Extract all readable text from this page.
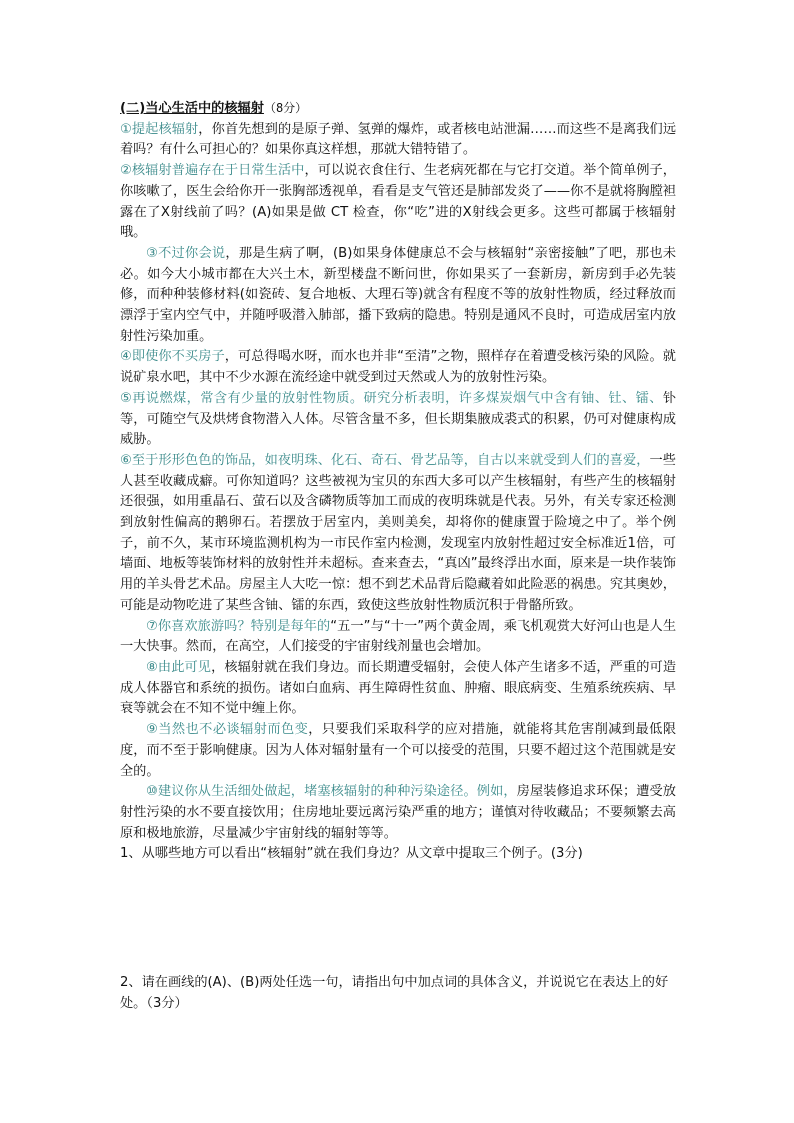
(二)当心生活中的核辐射（8分）

①提起核辐射，你首先想到的是原子弹、氢弹的爆炸，或者核电站泄漏……而这些不是离我们远着吗？有什么可担心的？如果你真这样想，那就大错特错了。

②核辐射普遍存在于日常生活中，可以说衣食住行、生老病死都在与它打交道。举个简单例子，你咳嗽了，医生会给你开一张胸部透视单，看看是支气管还是肺部发炎了——你不是就将胸膛袒露在了X射线前了吗？(A)如果是做 CT 检查，你“吃”进的X射线会更多。这些可都属于核辐射哦。

③不过你会说，那是生病了啊，(B)如果身体健康总不会与核辐射“亲密接触”了吧，那也未必。如今大小城市都在大兴土木，新型楼盘不断问世，你如果买了一套新房，新房到手必先装修，而种种装修材料(如瓷砖、复合地板、大理石等)就含有程度不等的放射性物质，经过释放而漂浮于室内空气中，并随呼吸潜入肺部，播下致病的隐患。特别是通风不良时，可造成居室内放射性污染加重。

④即使你不买房子，可总得喝水呀，而水也并非“至清”之物，照样存在着遭受核污染的风险。就说矿泉水吧，其中不少水源在流经途中就受到过天然或人为的放射性污染。

⑤再说燃煤，常含有少量的放射性物质。研究分析表明，许多煤炭烟气中含有铀、钍、镭、钋等，可随空气及烘烤食物潜入人体。尽管含量不多，但长期集腋成裘式的积累，仍可对健康构成威胁。

⑥至于形形色色的饰品，如夜明珠、化石、奇石、骨艺品等，自古以来就受到人们的喜爱，一些人甚至收藏成癖。可你知道吗？这些被视为宝贝的东西大多可以产生核辐射，有些产生的核辐射还很强，如用重晶石、萤石以及含磷物质等加工而成的夜明珠就是代表。另外，有关专家还检测到放射性偏高的鹅卵石。若摆放于居室内，美则美矣，却将你的健康置于险境之中了。举个例子，前不久，某市环境监测机构为一市民作室内检测，发现室内放射性超过安全标准近1倍，可墙面、地板等装饰材料的放射性并未超标。查来查去，“真凶”最终浮出水面，原来是一块作装饰用的羊头骨艺术品。房屋主人大吃一惊：想不到艺术品背后隐藏着如此险恶的祸患。究其奥妙，可能是动物吃进了某些含铀、镭的东西，致使这些放射性物质沉积于骨骼所致。

⑦你喜欢旅游吗？特别是每年的“五一”与“十一”两个黄金周，乘飞机观赏大好河山也是人生一大快事。然而，在高空，人们接受的宇宙射线剂量也会增加。

⑧由此可见，核辐射就在我们身边。而长期遭受辐射，会使人体产生诸多不适，严重的可造成人体器官和系统的损伤。诸如白血病、再生障碍性贫血、肿瘤、眼底病变、生殖系统疾病、早衰等就会在不知不觉中缠上你。

⑨当然也不必谈辐射而色变，只要我们采取科学的应对措施，就能将其危害削减到最低限度，而不至于影响健康。因为人体对辐射量有一个可以接受的范围，只要不超过这个范围就是安全的。

⑩建议你从生活细处做起，堵塞核辐射的种种污染途径。例如，房屋装修追求环保；遭受放射性污染的水不要直接饮用；住房地址要远离污染严重的地方；谨慎对待收藏品；不要频繁去高原和极地旅游，尽量减少宇宙射线的辐射等等。

1、从哪些地方可以看出“核辐射”就在我们身边？从文章中提取三个例子。(3分)

2、请在画线的(A)、(B)两处任选一句，请指出句中加点词的具体含义，并说说它在表达上的好处。（3分）
